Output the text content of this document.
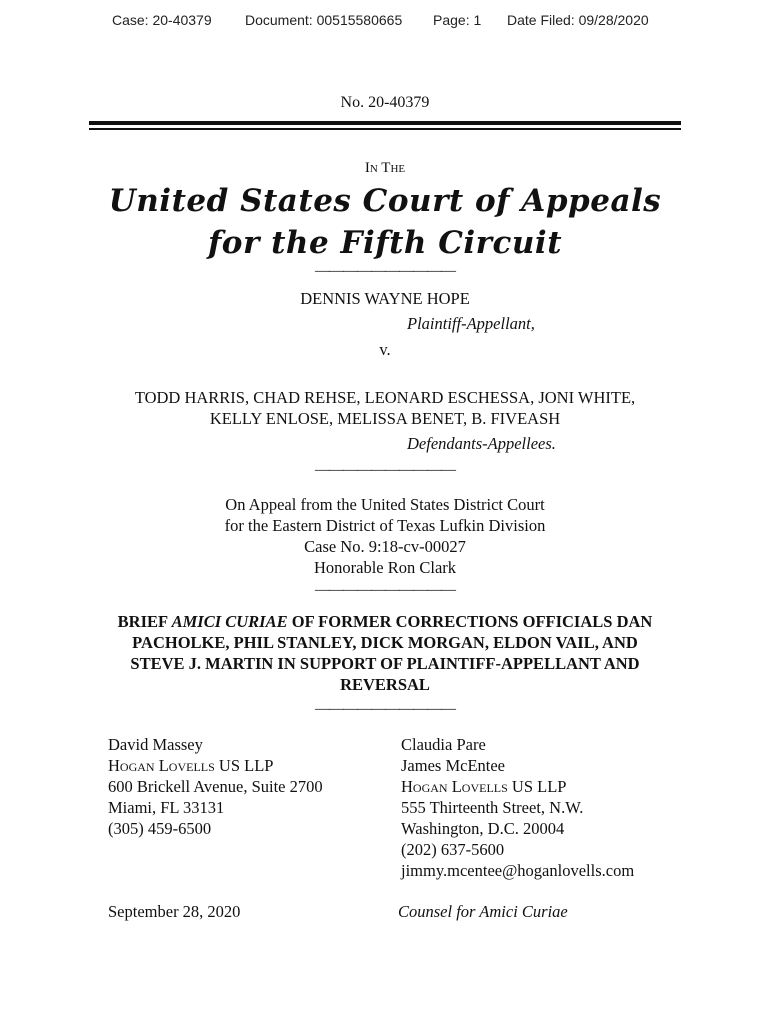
Case: 20-40379 Document: 00515580665 Page: 1 Date Filed: 09/28/2020
No. 20-40379
In The
United States Court of Appeals
for the Fifth Circuit
——————————
DENNIS WAYNE HOPE
Plaintiff-Appellant,
v.
TODD HARRIS, CHAD REHSE, LEONARD ESCHESSA, JONI WHITE,
KELLY ENLOSE, MELISSA BENET, B. FIVEASH
Defendants-Appellees.
——————————
On Appeal from the United States District Court
for the Eastern District of Texas Lufkin Division
Case No. 9:18-cv-00027
Honorable Ron Clark
——————————
BRIEF AMICI CURIAE OF FORMER CORRECTIONS OFFICIALS DAN
PACHOLKE, PHIL STANLEY, DICK MORGAN, ELDON VAIL, AND
STEVE J. MARTIN IN SUPPORT OF PLAINTIFF-APPELLANT AND
REVERSAL
——————————
David Massey
Hogan Lovells US LLP
600 Brickell Avenue, Suite 2700
Miami, FL 33131
(305) 459-6500
Claudia Pare
James McEntee
Hogan Lovells US LLP
555 Thirteenth Street, N.W.
Washington, D.C. 20004
(202) 637-5600
jimmy.mcentee@hoganlovells.com
September 28, 2020	Counsel for Amici Curiae
